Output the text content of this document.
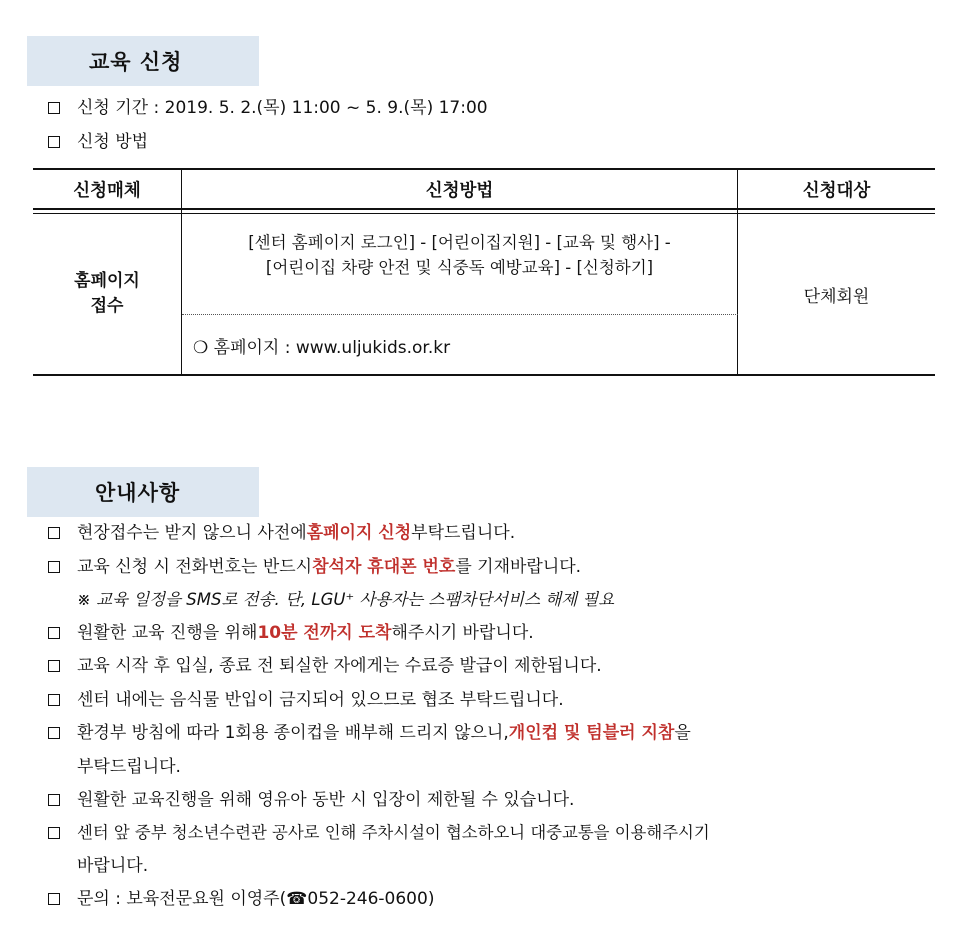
교육 신청
신청 기간 : 2019. 5. 2.(목) 11:00 ~ 5. 9.(목) 17:00
신청 방법
신청매체	신청방법	신청대상
홈페이지
접수
[센터 홈페이지 로그인] - [어린이집지원] - [교육 및 행사] -
[어린이집 차량 안전 및 식중독 예방교육] - [신청하기]
❍ 홈페이지 : www.uljukids.or.kr
단체회원
안내사항
현장접수는 받지 않으니 사전에 홈페이지 신청 부탁드립니다.
교육 신청 시 전화번호는 반드시 참석자 휴대폰 번호 를 기재바랍니다.
※ 교육 일정을 SMS로 전송. 단, LGU⁺ 사용자는 스팸차단서비스 해제 필요
원활한 교육 진행을 위해 10분 전까지 도착 해주시기 바랍니다.
교육 시작 후 입실, 종료 전 퇴실한 자에게는 수료증 발급이 제한됩니다.
센터 내에는 음식물 반입이 금지되어 있으므로 협조 부탁드립니다.
환경부 방침에 따라 1회용 종이컵을 배부해 드리지 않으니, 개인컵 및 텀블러 지참 을
부탁드립니다.
원활한 교육진행을 위해 영유아 동반 시 입장이 제한될 수 있습니다.
센터 앞 중부 청소년수련관 공사로 인해 주차시설이 협소하오니 대중교통을 이용해주시기
바랍니다.
문의 : 보육전문요원 이영주(☎052-246-0600)
